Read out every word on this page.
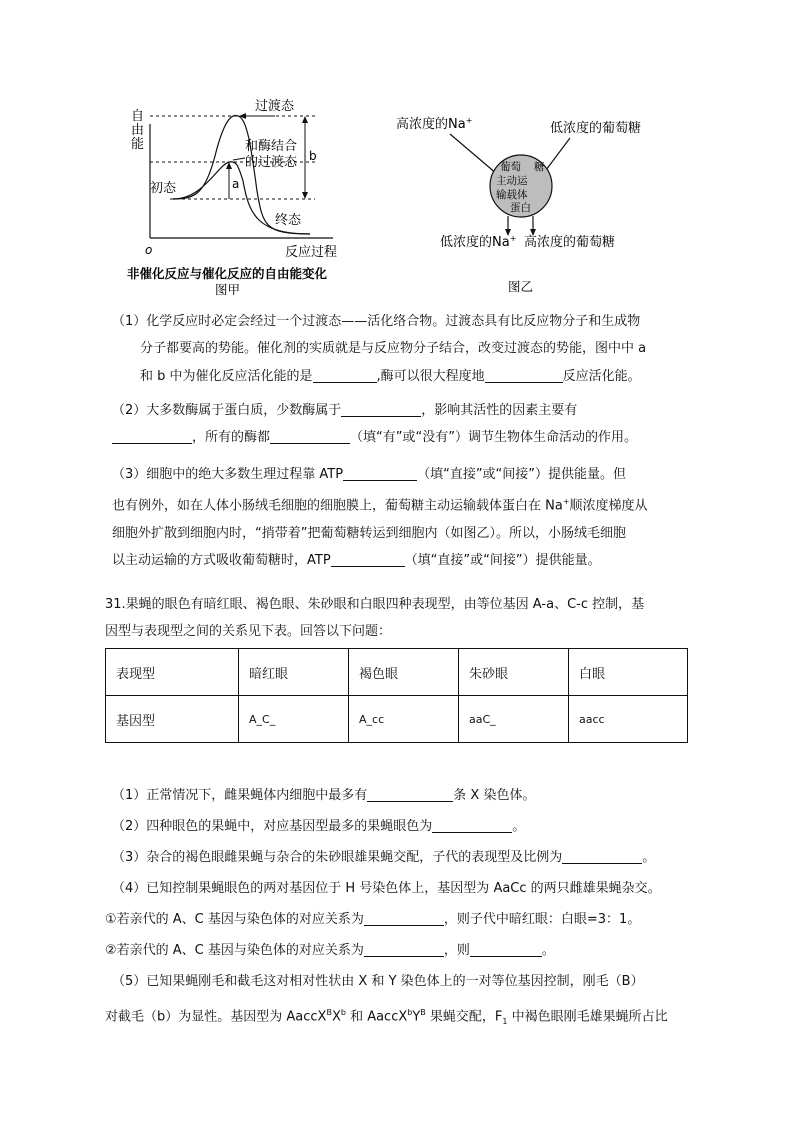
自
由
能
o	反应过程
a
b
过渡态
和酶结合
的过渡态
初态
终态
非催化反应与催化反应的自由能变化
图甲
高浓度的Na+
低浓度的葡萄糖
葡萄 糖
主动运
输载体
蛋白
低浓度的Na+ 高浓度的葡萄糖
图乙
（1）化学反应时必定会经过一个过渡态——活化络合物。过渡态具有比反应物分子和生成物
分子都要高的势能。催化剂的实质就是与反应物分子结合，改变过渡态的势能，图中中 a
和 b 中为催化反应活化能的是	,酶可以很大程度地	反应活化能。
（2）大多数酶属于蛋白质，少数酶属于	，影响其活性的因素主要有
，所有的酶都	（填“有”或“没有”）调节生物体生命活动的作用。
（3）细胞中的绝大多数生理过程靠 ATP	（填“直接”或“间接”）提供能量。但
也有例外，如在人体小肠绒毛细胞的细胞膜上，葡萄糖主动运输载体蛋白在 Na+顺浓度梯度从
细胞外扩散到细胞内时，“捎带着”把葡萄糖转运到细胞内（如图乙）。所以，小肠绒毛细胞
以主动运输的方式吸收葡萄糖时，ATP	（填“直接”或“间接”）提供能量。
31.果蝇的眼色有暗红眼、褐色眼、朱砂眼和白眼四种表现型，由等位基因 A-a、C-c 控制，基
因型与表现型之间的关系见下表。回答以下问题：
表现型	暗红眼	褐色眼	朱砂眼	白眼
基因型	A_C_	A_cc	aaC_	aacc
（1）正常情况下，雌果蝇体内细胞中最多有	条 X 染色体。
（2）四种眼色的果蝇中，对应基因型最多的果蝇眼色为	。
（3）杂合的褐色眼雌果蝇与杂合的朱砂眼雄果蝇交配，子代的表现型及比例为	。
（4）已知控制果蝇眼色的两对基因位于 H 号染色体上，基因型为 AaCc 的两只雌雄果蝇杂交。
①若亲代的 A、C 基因与染色体的对应关系为	，则子代中暗红眼：白眼=3：1。
②若亲代的 A、C 基因与染色体的对应关系为	，则	。
（5）已知果蝇刚毛和截毛这对相对性状由 X 和 Y 染色体上的一对等位基因控制，刚毛（B）
对截毛（b）为显性。基因型为 $AaccX^BX^b$ 和 $AaccX^bY^B$ 果蝇交配，$F_1$ 中褐色眼刚毛雄果蝇所占比
